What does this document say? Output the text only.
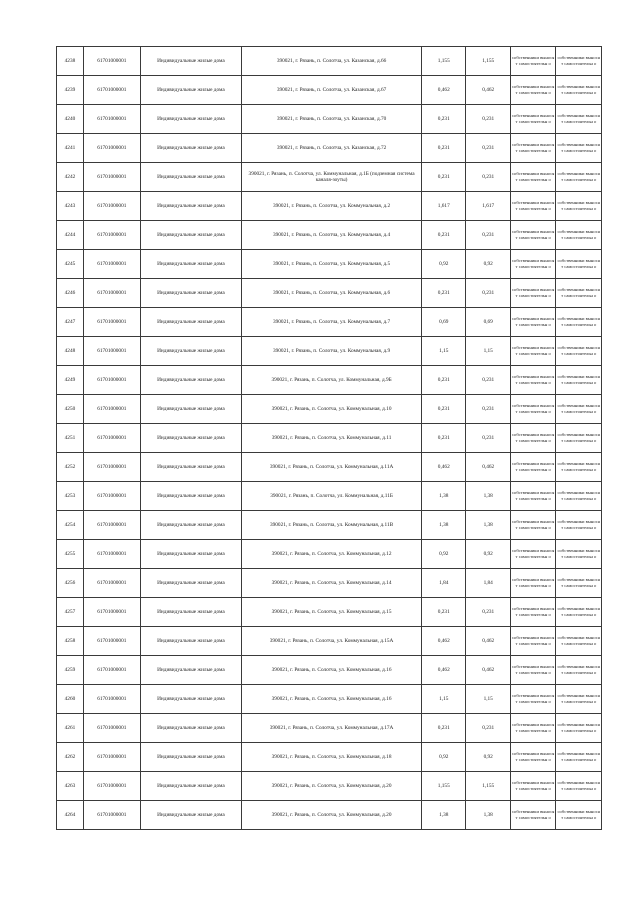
4238	61701000001	Индивидуальные жилые дома	390021, г. Рязань, п. Солотча, ул. Казанская, д.66	1,155	1,155	собственники выносят самостоятельн о	собственники выносят самостоятельн о
4239	61701000001	Индивидуальные жилые дома	390021, г. Рязань, п. Солотча, ул. Казанская, д.67	0,462	0,462	собственники выносят самостоятельн о	собственники выносят самостоятельн о
4240	61701000001	Индивидуальные жилые дома	390021, г. Рязань, п. Солотча, ул. Казанская, д.70	0,231	0,231	собственники выносят самостоятельн о	собственники выносят самостоятельн о
4241	61701000001	Индивидуальные жилые дома	390021, г. Рязань, п. Солотча, ул. Казанская, д.72	0,231	0,231	собственники выносят самостоятельн о	собственники выносят самостоятельн о
4242	61701000001	Индивидуальные жилые дома	390021, г. Рязань, п. Солотча, ул. Коммунальная, д.1Б (подземная система каналя-зоуты)	0,231	0,231	собственники выносят самостоятельн о	собственники выносят самостоятельн о
4243	61701000001	Индивидуальные жилые дома	390021, г. Рязань, п. Солотча, ул. Коммунальная, д.2	1,617	1,617	собственники выносят самостоятельн о	собственники выносят самостоятельн о
4244	61701000001	Индивидуальные жилые дома	390021, г. Рязань, п. Солотча, ул. Коммунальная, д.4	0,231	0,231	собственники выносят самостоятельн о	собственники выносят самостоятельн о
4245	61701000001	Индивидуальные жилые дома	390021, г. Рязань, п. Солотча, ул. Коммунальная, д.5	0,92	0,92	собственники выносят самостоятельн о	собственники выносят самостоятельн о
4246	61701000001	Индивидуальные жилые дома	390021, г. Рязань, п. Солотча, ул. Коммунальная, д.6	0,231	0,231	собственники выносят самостоятельн о	собственники выносят самостоятельн о
4247	61701000001	Индивидуальные жилые дома	390021, г. Рязань, п. Солотча, ул. Коммунальная, д.7	0,69	0,69	собственники выносят самостоятельн о	собственники выносят самостоятельн о
4248	61701000001	Индивидуальные жилые дома	390021, г. Рязань, п. Солотча, ул. Коммунальная, д.9	1,15	1,15	собственники выносят самостоятельн о	собственники выносят самостоятельн о
4249	61701000001	Индивидуальные жилые дома	390021, г. Рязань, п. Солотча, ул. Коммунальная, д.9Б	0,231	0,231	собственники выносят самостоятельн о	собственники выносят самостоятельн о
4250	61701000001	Индивидуальные жилые дома	390021, г. Рязань, п. Солотча, ул. Коммунальная, д.10	0,231	0,231	собственники выносят самостоятельн о	собственники выносят самостоятельн о
4251	61701000001	Индивидуальные жилые дома	390021, г. Рязань, п. Солотча, ул. Коммунальная, д.11	0,231	0,231	собственники выносят самостоятельн о	собственники выносят самостоятельн о
4252	61701000001	Индивидуальные жилые дома	390021, г. Рязань, п. Солотча, ул. Коммунальная, д.11А	0,462	0,462	собственники выносят самостоятельн о	собственники выносят самостоятельн о
4253	61701000001	Индивидуальные жилые дома	390021, г. Рязань, п. Солотча, ул. Коммунальная, д.11Б	1,38	1,38	собственники выносят самостоятельн о	собственники выносят самостоятельн о
4254	61701000001	Индивидуальные жилые дома	390021, г. Рязань, п. Солотча, ул. Коммунальная, д.11В	1,38	1,38	собственники выносят самостоятельн о	собственники выносят самостоятельн о
4255	61701000001	Индивидуальные жилые дома	390021, г. Рязань, п. Солотча, ул. Коммунальная, д.12	0,92	0,92	собственники выносят самостоятельн о	собственники выносят самостоятельн о
4256	61701000001	Индивидуальные жилые дома	390021, г. Рязань, п. Солотча, ул. Коммунальная, д.14	1,84	1,84	собственники выносят самостоятельн о	собственники выносят самостоятельн о
4257	61701000001	Индивидуальные жилые дома	390021, г. Рязань, п. Солотча, ул. Коммунальная, д.15	0,231	0,231	собственники выносят самостоятельн о	собственники выносят самостоятельн о
4258	61701000001	Индивидуальные жилые дома	390021, г. Рязань, п. Солотча, ул. Коммунальная, д.15А	0,462	0,462	собственники выносят самостоятельн о	собственники выносят самостоятельн о
4259	61701000001	Индивидуальные жилые дома	390021, г. Рязань, п. Солотча, ул. Коммунальная, д.16	0,462	0,462	собственники выносят самостоятельн о	собственники выносят самостоятельн о
4260	61701000001	Индивидуальные жилые дома	390021, г. Рязань, п. Солотча, ул. Коммунальная, д.16	1,15	1,15	собственники выносят самостоятельн о	собственники выносят самостоятельн о
4261	61701000001	Индивидуальные жилые дома	390021, г. Рязань, п. Солотча, ул. Коммунальная, д.17А	0,231	0,231	собственники выносят самостоятельн о	собственники выносят самостоятельн о
4262	61701000001	Индивидуальные жилые дома	390021, г. Рязань, п. Солотча, ул. Коммунальная, д.18	0,92	0,92	собственники выносят самостоятельн о	собственники выносят самостоятельн о
4263	61701000001	Индивидуальные жилые дома	390021, г. Рязань, п. Солотча, ул. Коммунальная, д.20	1,155	1,155	собственники выносят самостоятельн о	собственники выносят самостоятельн о
4264	61701000001	Индивидуальные жилые дома	390021, г. Рязань, п. Солотча, ул. Коммунальная, д.20	1,38	1,38	собственники выносят самостоятельн о	собственники выносят самостоятельн о
